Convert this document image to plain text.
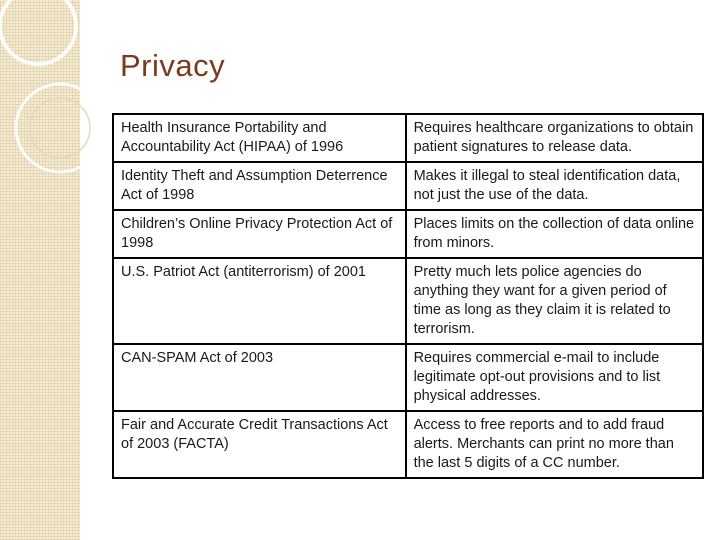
Privacy
Health Insurance Portability and Accountability Act (HIPAA) of 1996	Requires healthcare organizations to obtain patient signatures to release data.
Identity Theft and Assumption Deterrence Act of 1998	Makes it illegal to steal identification data, not just the use of the data.
Children’s Online Privacy Protection Act of 1998	Places limits on the collection of data online from minors.
U.S. Patriot Act (antiterrorism) of 2001	Pretty much lets police agencies do anything they want for a given period of time as long as they claim it is related to terrorism.
CAN-SPAM Act of 2003	Requires commercial e-mail to include legitimate opt-out provisions and to list physical addresses.
Fair and Accurate Credit Transactions Act of 2003 (FACTA)	Access to free reports and to add fraud alerts. Merchants can print no more than the last 5 digits of a CC number.
